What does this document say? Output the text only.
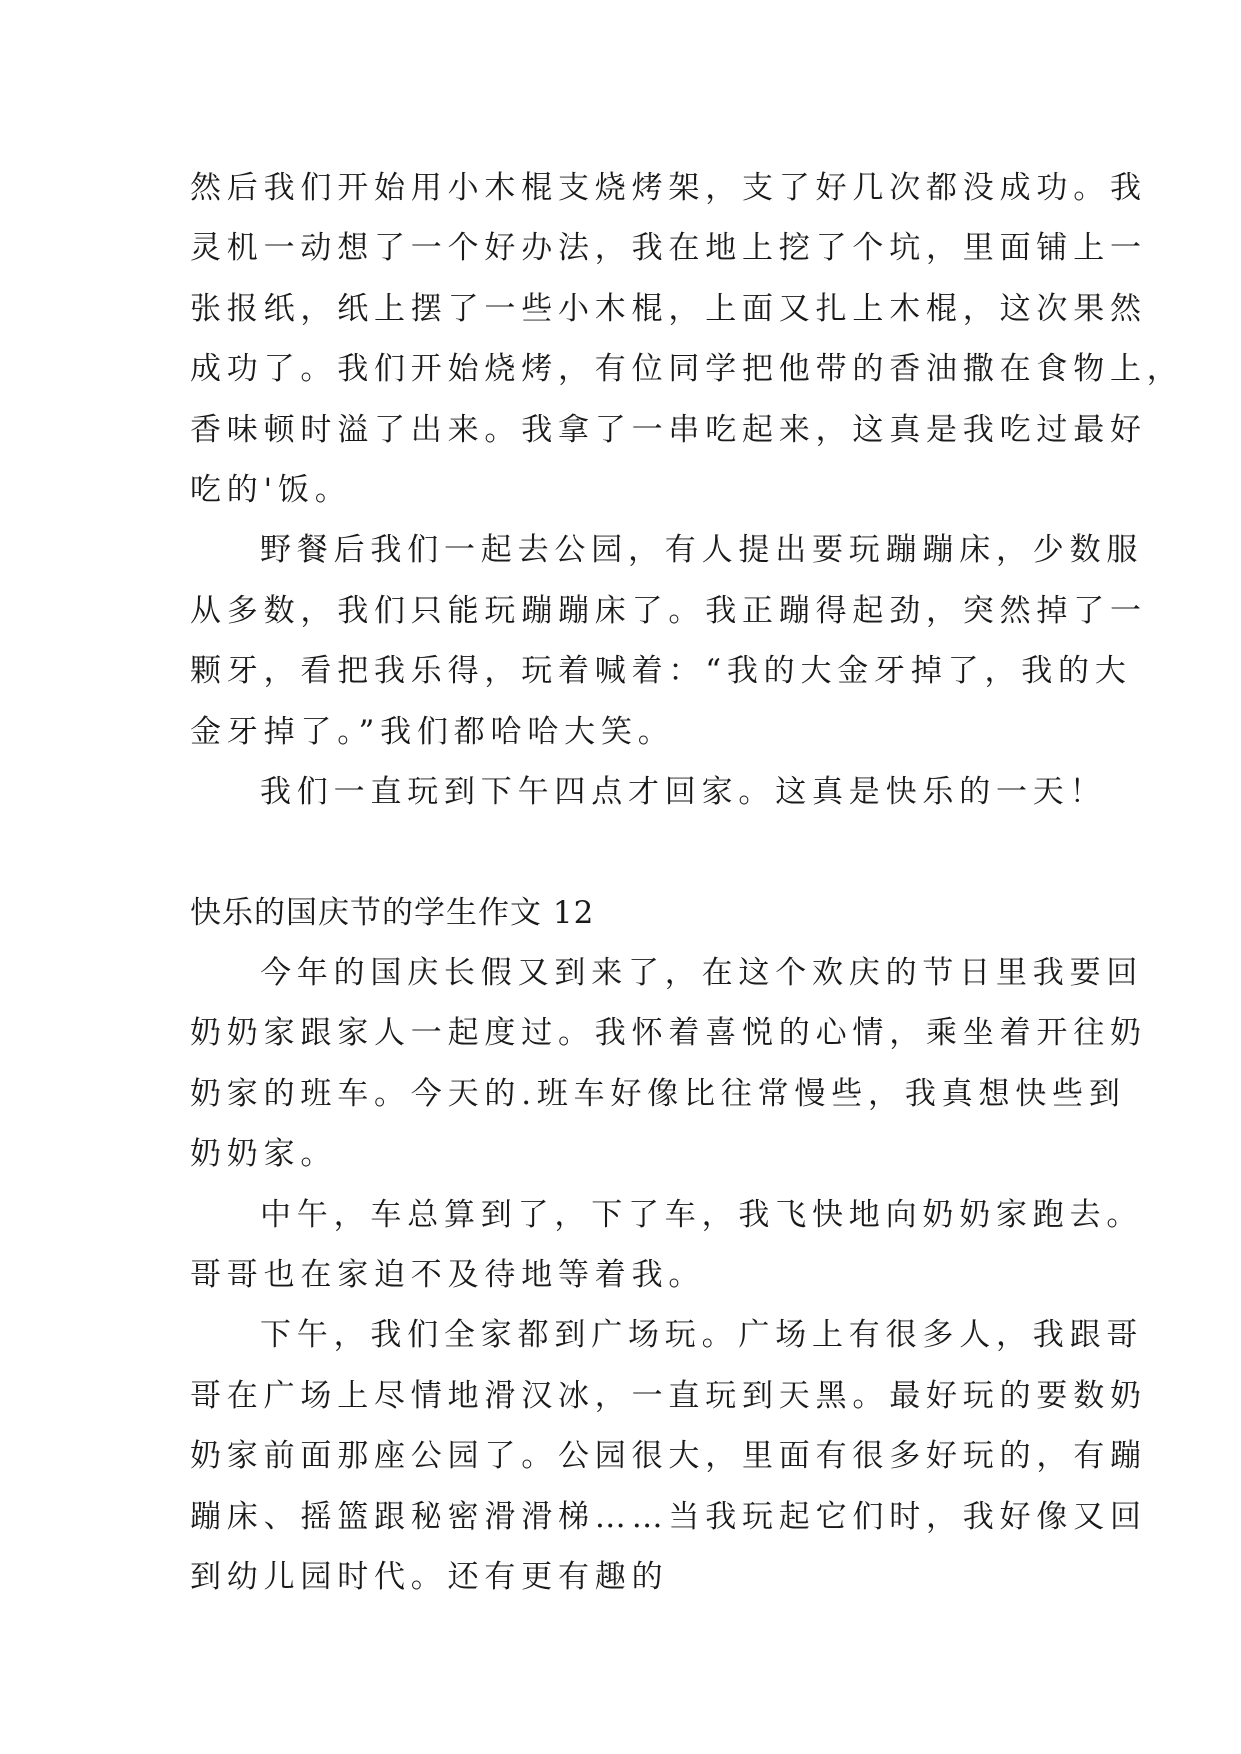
然后我们开始用小木棍支烧烤架，支了好几次都没成功。我
灵机一动想了一个好办法，我在地上挖了个坑，里面铺上一
张报纸，纸上摆了一些小木棍，上面又扎上木棍，这次果然
成功了。我们开始烧烤，有位同学把他带的香油撒在食物上，
香味顿时溢了出来。我拿了一串吃起来，这真是我吃过最好
吃的'饭。
野餐后我们一起去公园，有人提出要玩蹦蹦床，少数服
从多数，我们只能玩蹦蹦床了。我正蹦得起劲，突然掉了一
颗牙，看把我乐得，玩着喊着：“我的大金牙掉了，我的大
金牙掉了。”我们都哈哈大笑。
我们一直玩到下午四点才回家。这真是快乐的一天！
快乐的国庆节的学生作文 12
今年的国庆长假又到来了，在这个欢庆的节日里我要回
奶奶家跟家人一起度过。我怀着喜悦的心情，乘坐着开往奶
奶家的班车。今天的.班车好像比往常慢些，我真想快些到
奶奶家。
中午，车总算到了，下了车，我飞快地向奶奶家跑去。
哥哥也在家迫不及待地等着我。
下午，我们全家都到广场玩。广场上有很多人，我跟哥
哥在广场上尽情地滑汉冰，一直玩到天黑。最好玩的要数奶
奶家前面那座公园了。公园很大，里面有很多好玩的，有蹦
蹦床、摇篮跟秘密滑滑梯……当我玩起它们时，我好像又回
到幼儿园时代。还有更有趣的
